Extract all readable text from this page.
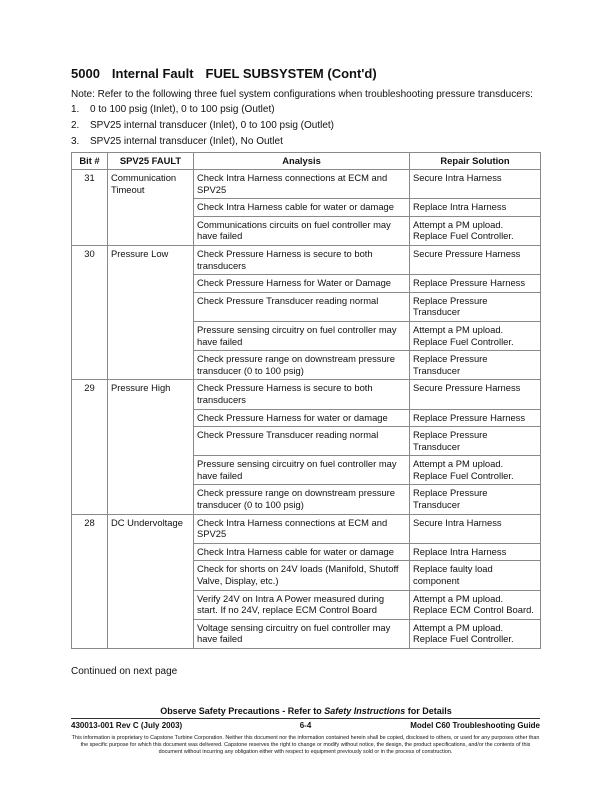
5000 Internal Fault FUEL SUBSYSTEM (Cont'd)
Note: Refer to the following three fuel system configurations when troubleshooting pressure transducers:
1. 0 to 100 psig (Inlet), 0 to 100 psig (Outlet)
2. SPV25 internal transducer (Inlet), 0 to 100 psig (Outlet)
3. SPV25 internal transducer (Inlet), No Outlet
Bit #	SPV25 FAULT	Analysis	Repair Solution
31	Communication Timeout	Check Intra Harness connections at ECM and SPV25	Secure Intra Harness
		Check Intra Harness cable for water or damage	Replace Intra Harness
		Communications circuits on fuel controller may have failed	Attempt a PM upload. Replace Fuel Controller.
30	Pressure Low	Check Pressure Harness is secure to both transducers	Secure Pressure Harness
		Check Pressure Harness for Water or Damage	Replace Pressure Harness
		Check Pressure Transducer reading normal	Replace Pressure Transducer
		Pressure sensing circuitry on fuel controller may have failed	Attempt a PM upload. Replace Fuel Controller.
		Check pressure range on downstream pressure transducer (0 to 100 psig)	Replace Pressure Transducer
29	Pressure High	Check Pressure Harness is secure to both transducers	Secure Pressure Harness
		Check Pressure Harness for water or damage	Replace Pressure Harness
		Check Pressure Transducer reading normal	Replace Pressure Transducer
		Pressure sensing circuitry on fuel controller may have failed	Attempt a PM upload. Replace Fuel Controller.
		Check pressure range on downstream pressure transducer (0 to 100 psig)	Replace Pressure Transducer
28	DC Undervoltage	Check Intra Harness connections at ECM and SPV25	Secure Intra Harness
		Check Intra Harness cable for water or damage	Replace Intra Harness
		Check for shorts on 24V loads (Manifold, Shutoff Valve, Display, etc.)	Replace faulty load component
		Verify 24V on Intra A Power measured during start. If no 24V, replace ECM Control Board	Attempt a PM upload. Replace ECM Control Board.
		Voltage sensing circuitry on fuel controller may have failed	Attempt a PM upload. Replace Fuel Controller.
Continued on next page
Observe Safety Precautions - Refer to Safety Instructions for Details
6-4
430013-001 Rev C (July 2003)	Model C60 Troubleshooting Guide
This information is proprietary to Capstone Turbine Corporation. Neither this document nor the information contained herein shall be copied, disclosed to others, or used for any purposes other than the specific purpose for which this document was delivered. Capstone reserves the right to change or modify without notice, the design, the product specifications, and/or the contents of this document without incurring any obligation either with respect to equipment previously sold or in the process of construction.
